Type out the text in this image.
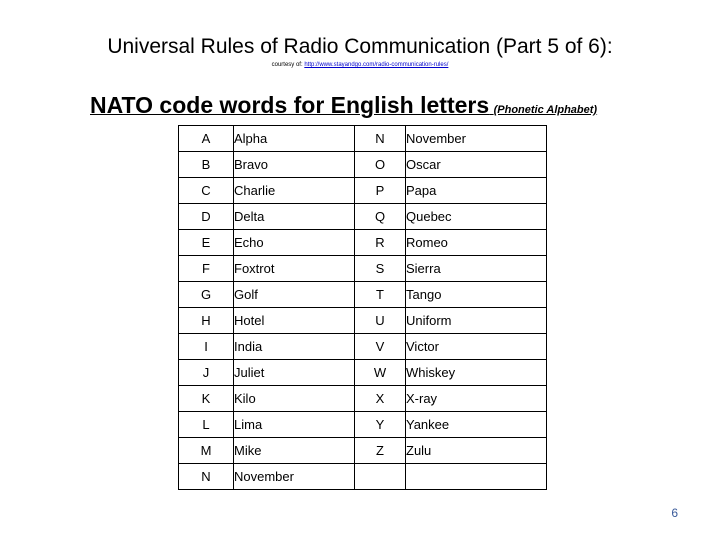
Universal Rules of Radio Communication (Part 5 of 6):
courtesy of: http://www.stayandgo.com/radio-communication-rules/
NATO code words for English letters (Phonetic Alphabet)
A	Alpha	N	November
B	Bravo	O	Oscar
C	Charlie	P	Papa
D	Delta	Q	Quebec
E	Echo	R	Romeo
F	Foxtrot	S	Sierra
G	Golf	T	Tango
H	Hotel	U	Uniform
I	India	V	Victor
J	Juliet	W	Whiskey
K	Kilo	X	X-ray
L	Lima	Y	Yankee
M	Mike	Z	Zulu
N	November		
6
